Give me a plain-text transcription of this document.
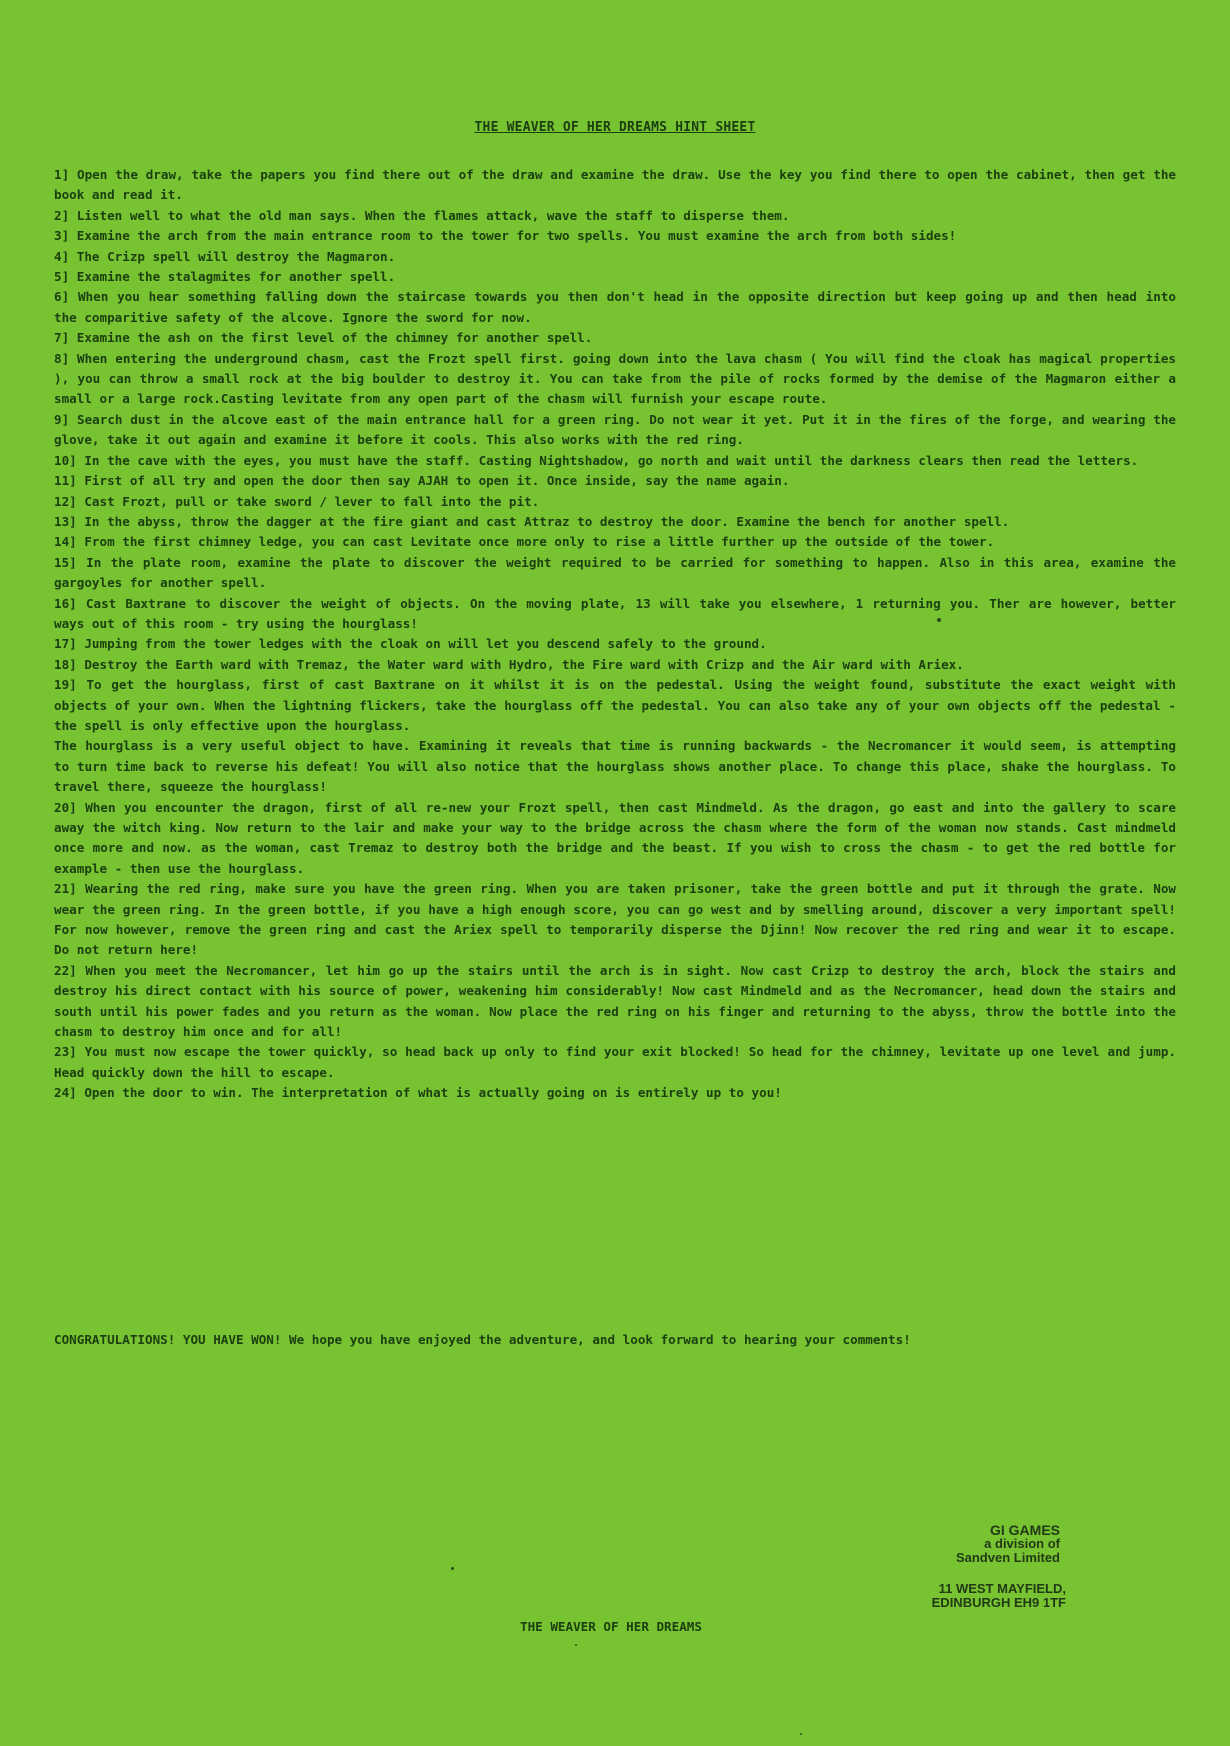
THE WEAVER OF HER DREAMS HINT SHEET

1] Open the draw, take the papers you find there out of the draw and examine the draw. Use the key you find there to open the cabinet, then get the book and read it.

2] Listen well to what the old man says. When the flames attack, wave the staff to disperse them.

3] Examine the arch from the main entrance room to the tower for two spells. You must examine the arch from both sides!

4] The Crizp spell will destroy the Magmaron.

5] Examine the stalagmites for another spell.

6] When you hear something falling down the staircase towards you then don't head in the opposite direction but keep going up and then head into the comparitive safety of the alcove. Ignore the sword for now.

7] Examine the ash on the first level of the chimney for another spell.

8] When entering the underground chasm, cast the Frozt spell first. going down into the lava chasm ( You will find the cloak has magical properties ), you can throw a small rock at the big boulder to destroy it. You can take from the pile of rocks formed by the demise of the Magmaron either a small or a large rock.Casting levitate from any open part of the chasm will furnish your escape route.

9] Search dust in the alcove east of the main entrance hall for a green ring. Do not wear it yet. Put it in the fires of the forge, and wearing the glove, take it out again and examine it before it cools. This also works with the red ring.

10] In the cave with the eyes, you must have the staff. Casting Nightshadow, go north and wait until the darkness clears then read the letters.

11] First of all try and open the door then say AJAH to open it. Once inside, say the name again.

12] Cast Frozt, pull or take sword / lever to fall into the pit.

13] In the abyss, throw the dagger at the fire giant and cast Attraz to destroy the door. Examine the bench for another spell.

14] From the first chimney ledge, you can cast Levitate once more only to rise a little further up the outside of the tower.

15] In the plate room, examine the plate to discover the weight required to be carried for something to happen. Also in this area, examine the gargoyles for another spell.

16] Cast Baxtrane to discover the weight of objects. On the moving plate, 13 will take you elsewhere, 1 returning you. Ther are however, better ways out of this room - try using the hourglass!

17] Jumping from the tower ledges with the cloak on will let you descend safely to the ground.

18] Destroy the Earth ward with Tremaz, the Water ward with Hydro, the Fire ward with Crizp and the Air ward with Ariex.

19] To get the hourglass, first of cast Baxtrane on it whilst it is on the pedestal. Using the weight found, substitute the exact weight with objects of your own. When the lightning flickers, take the hourglass off the pedestal. You can also take any of your own objects off the pedestal - the spell is only effective upon the hourglass.

The hourglass is a very useful object to have. Examining it reveals that time is running backwards - the Necromancer it would seem, is attempting to turn time back to reverse his defeat! You will also notice that the hourglass shows another place. To change this place, shake the hourglass. To travel there, squeeze the hourglass!

20] When you encounter the dragon, first of all re-new your Frozt spell, then cast Mindmeld. As the dragon, go east and into the gallery to scare away the witch king. Now return to the lair and make your way to the bridge across the chasm where the form of the woman now stands. Cast mindmeld once more and now. as the woman, cast Tremaz to destroy both the bridge and the beast. If you wish to cross the chasm - to get the red bottle for example - then use the hourglass.

21] Wearing the red ring, make sure you have the green ring. When you are taken prisoner, take the green bottle and put it through the grate. Now wear the green ring. In the green bottle, if you have a high enough score, you can go west and by smelling around, discover a very important spell! For now however, remove the green ring and cast the Ariex spell to temporarily disperse the Djinn! Now recover the red ring and wear it to escape. Do not return here!

22] When you meet the Necromancer, let him go up the stairs until the arch is in sight. Now cast Crizp to destroy the arch, block the stairs and destroy his direct contact with his source of power, weakening him considerably! Now cast Mindmeld and as the Necromancer, head down the stairs and south until his power fades and you return as the woman. Now place the red ring on his finger and returning to the abyss, throw the bottle into the chasm to destroy him once and for all!

23] You must now escape the tower quickly, so head back up only to find your exit blocked! So head for the chimney, levitate up one level and jump. Head quickly down the hill to escape.

24] Open the door to win. The interpretation of what is actually going on is entirely up to you!

CONGRATULATIONS! YOU HAVE WON! We hope you have enjoyed the adventure, and look forward to hearing your comments!
GI GAMES
a division of
Sandven Limited
11 WEST MAYFIELD,
EDINBURGH EH9 1TF
THE WEAVER OF HER DREAMS
